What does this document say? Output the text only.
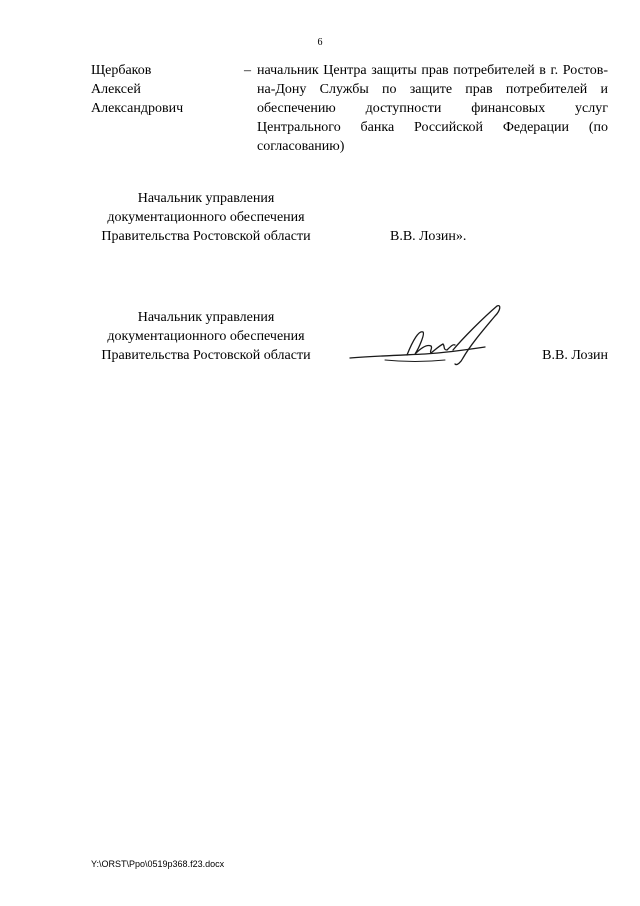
6
Щербаков
Алексей
Александрович
– начальник Центра защиты прав потребителей в г. Ростов-на-Дону Службы по защите прав потребителей и обеспечению доступности финансовых услуг Центрального банка Российской Федерации (по согласованию)
Начальник управления
документационного обеспечения
Правительства Ростовской области	В.В. Лозин».
Начальник управления
документационного обеспечения
Правительства Ростовской области	В.В. Лозин
Y:\ORST\Ppo\0519p368.f23.docx
